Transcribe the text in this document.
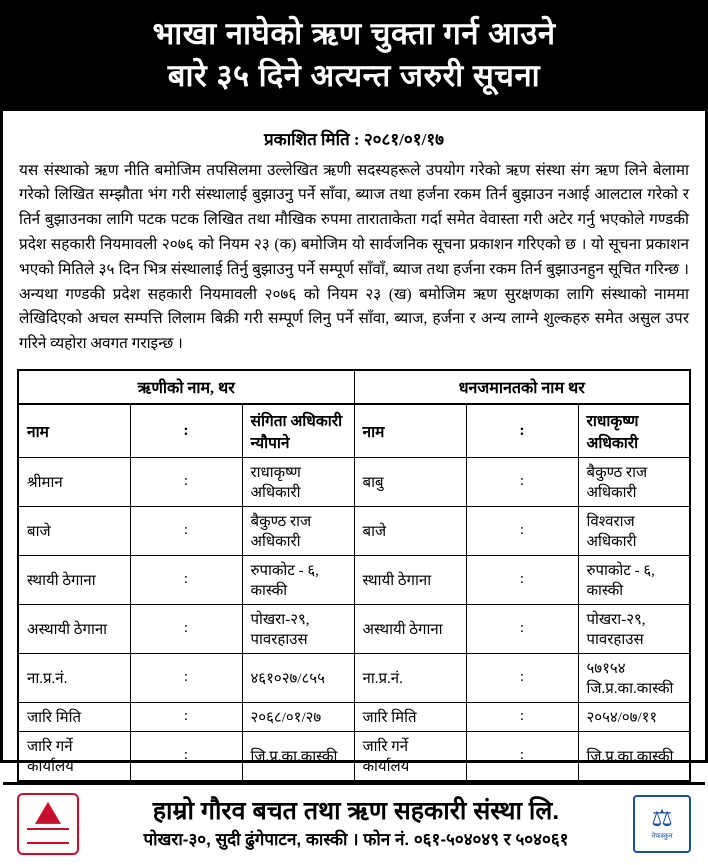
भाखा नाघेको ऋण चुक्ता गर्न आउने
बारे ३५ दिने अत्यन्त जरुरी सूचना
प्रकाशित मिति : २०८१/०१/१७
यस संस्थाको ऋण नीति बमोजिम तपसिलमा उल्लेखित ऋणी सदस्यहरूले उपयोग गरेको ऋण संस्था संग ऋण लिने बेलामा गरेको लिखित सम्झौता भंग गरी संस्थालाई बुझाउनु पर्ने साँवा, ब्याज तथा हर्जना रकम तिर्न बुझाउन नआई आलटाल गरेको र तिर्न बुझाउनका लागि पटक पटक लिखित तथा मौखिक रुपमा ताराताकेता गर्दा समेत वेवास्ता गरी अटेर गर्नु भएकोले गण्डकी प्रदेश सहकारी नियमावली २०७६ को नियम २३ (क) बमोजिम यो सार्वजनिक सूचना प्रकाशन गरिएको छ । यो सूचना प्रकाशन भएको मितिले ३५ दिन भित्र संस्थालाई तिर्नु बुझाउनु पर्ने सम्पूर्ण साँवाँ, ब्याज तथा हर्जना रकम तिर्न बुझाउनहुन सूचित गरिन्छ । अन्यथा गण्डकी प्रदेश सहकारी नियमावली २०७६ को नियम २३ (ख) बमोजिम ऋण सुरक्षणका लागि संस्थाको नाममा लेखिदिएको अचल सम्पत्ति लिलाम बिक्री गरी सम्पूर्ण लिनु पर्ने साँवा, ब्याज, हर्जना र अन्य लाग्ने शुल्कहरु समेत असुल उपर गरिने व्यहोरा अवगत गराइन्छ ।
ऋणीको नाम, थर			धनजमानतको नाम थर		
नाम	:	संगिता अधिकारी न्यौपाने	नाम	:	राधाकृष्ण अधिकारी
श्रीमान	:	राधाकृष्ण अधिकारी	बाबु	:	बैकुण्ठ राज अधिकारी
बाजे	:	बैकुण्ठ राज अधिकारी	बाजे	:	विश्वराज अधिकारी
स्थायी ठेगाना	:	रुपाकोट - ६, कास्की	स्थायी ठेगाना	:	रुपाकोट - ६, कास्की
अस्थायी ठेगाना	:	पोखरा-२९, पावरहाउस	अस्थायी ठेगाना	:	पोखरा-२९, पावरहाउस
ना.प्र.नं.	:	४६१०२७/८५५	ना.प्र.नं.	:	५७१५४ जि.प्र.का.कास्की
जारि मिति	:	२०६८/०१/२७	जारि मिति	:	२०५४/०७/११
जारि गर्ने कार्यालय	:	जि.प्र.का.कास्की	जारि गर्ने कार्यालय	:	जि.प्र.का.कास्की
हाम्रो गौरव बचत तथा ऋण सहकारी संस्था लि.
पोखरा-३०, सुदी ढुंगेपाटन, कास्की । फोन नं. ०६१-५०४०४९ र ५०४०६१
⚖
नेफस्कुन
